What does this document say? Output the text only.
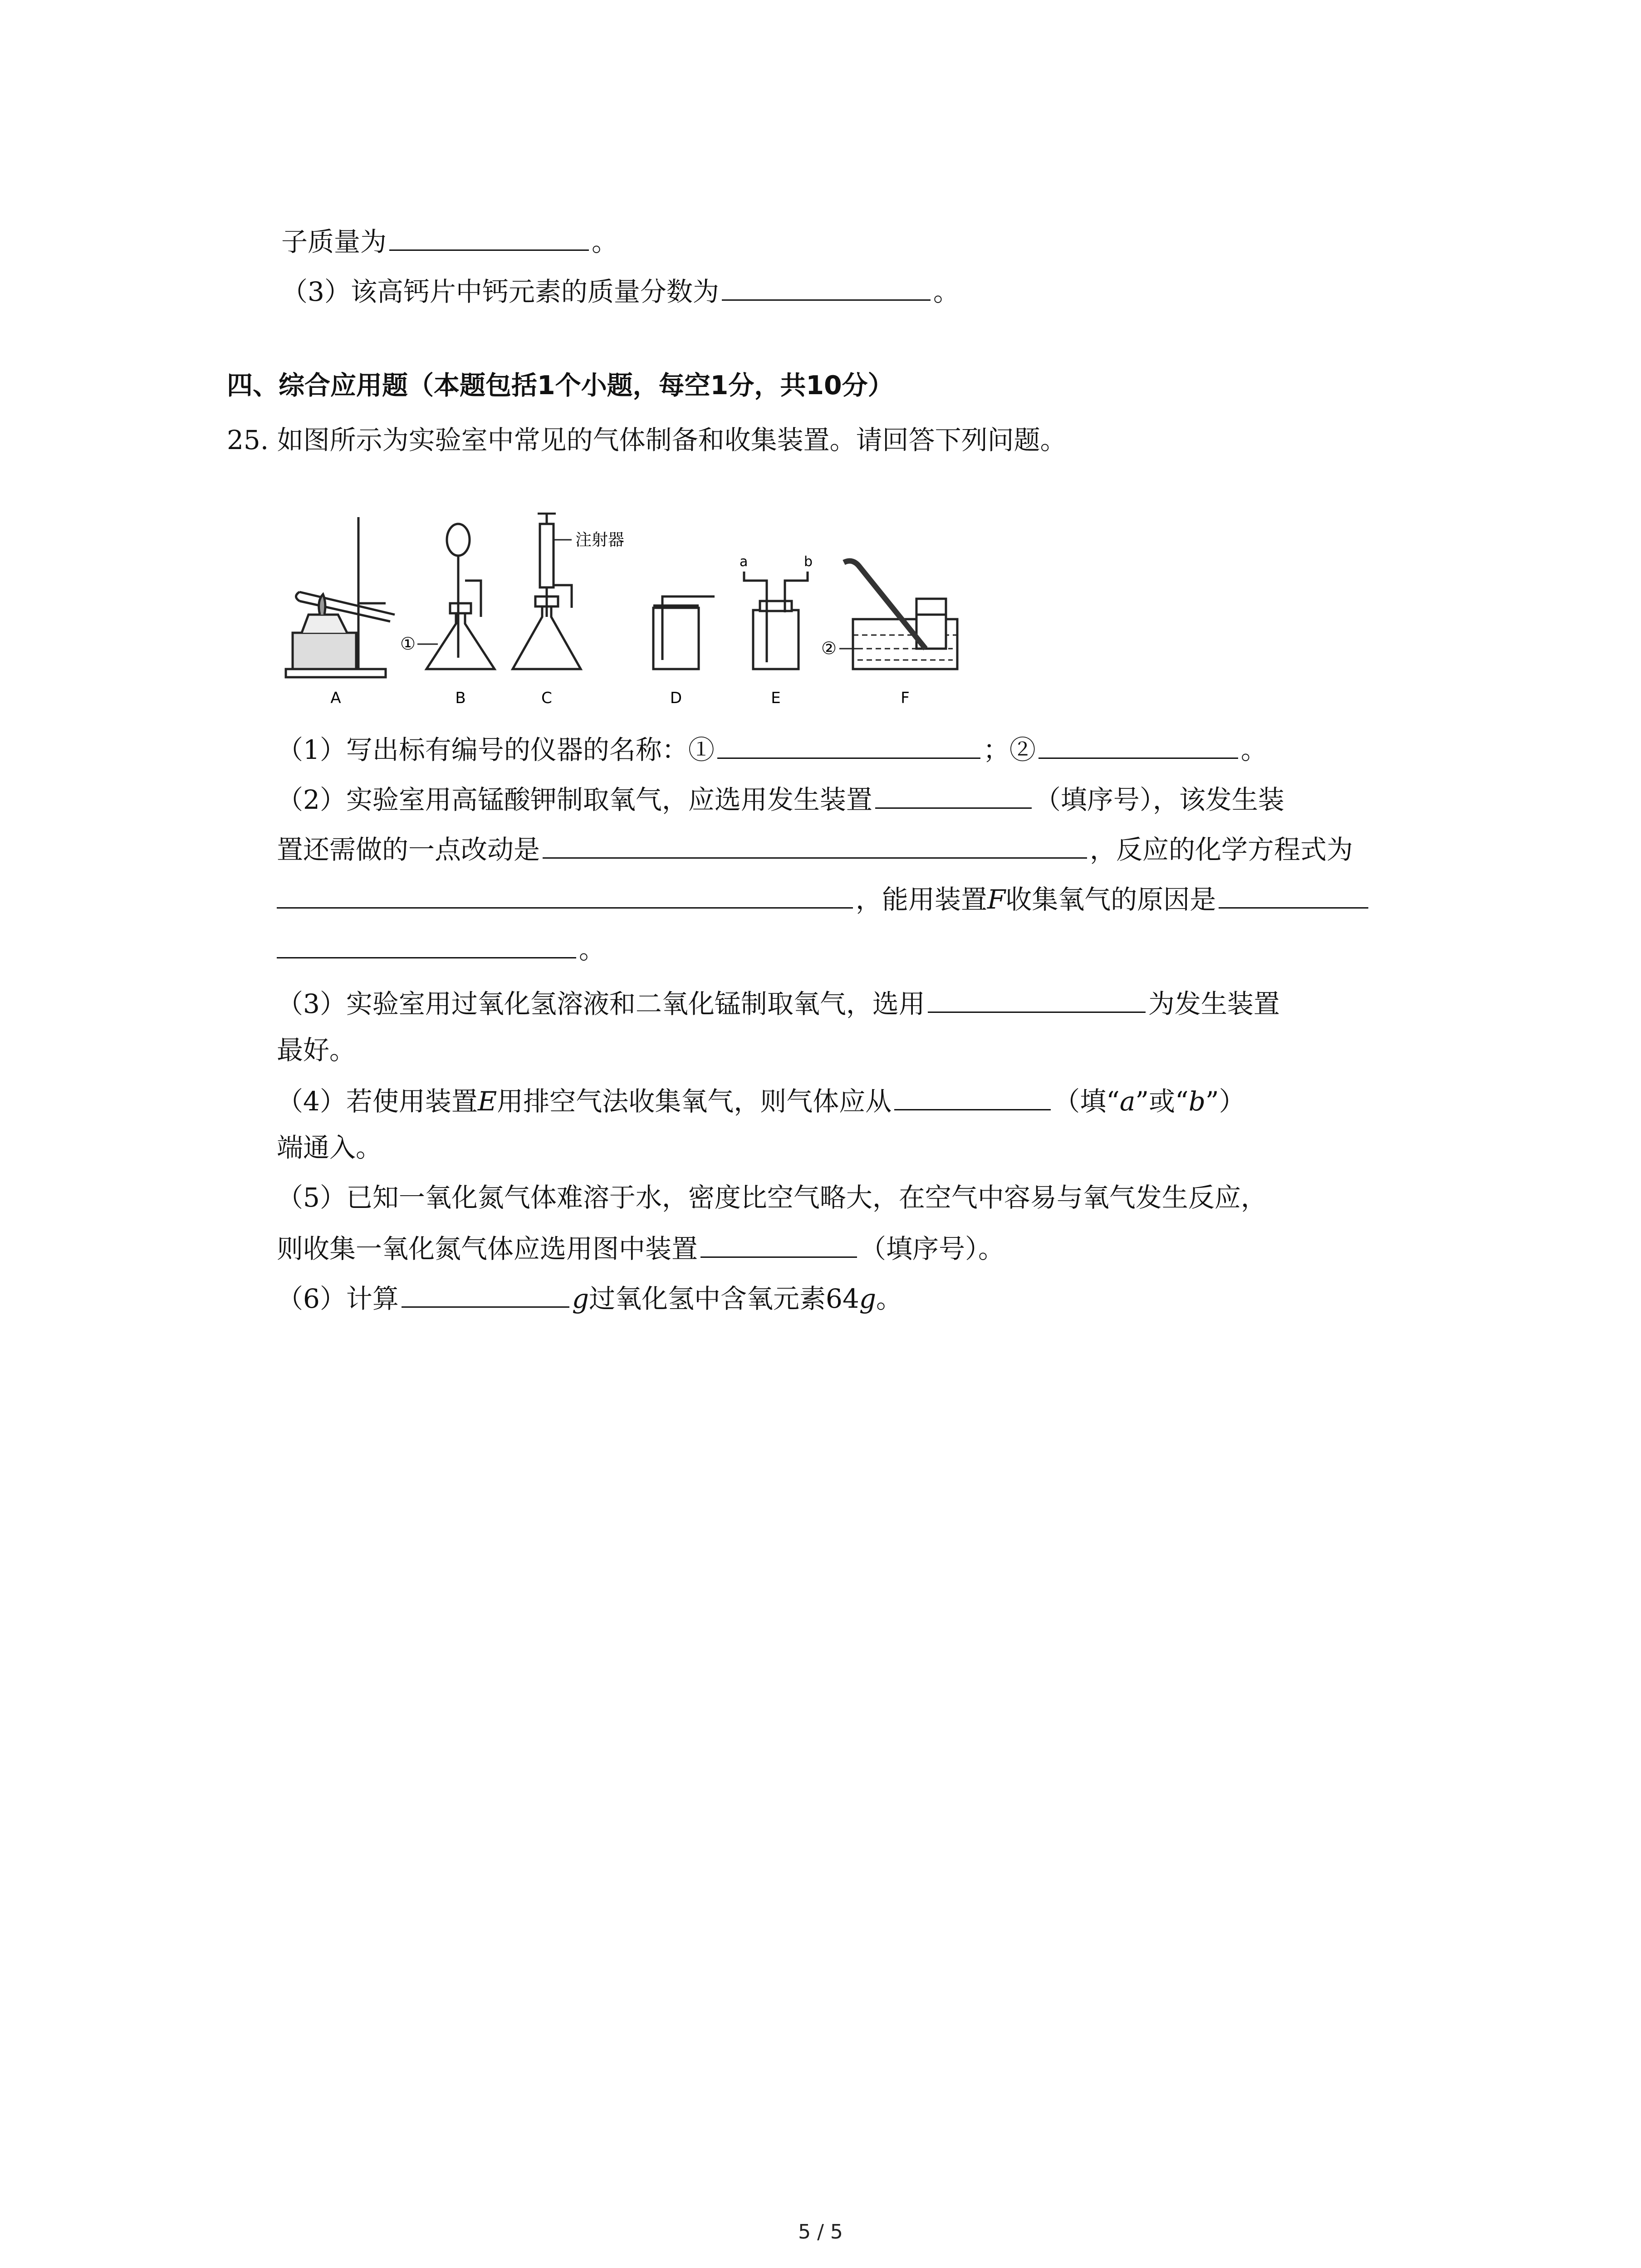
子质量为	。
（3）该高钙片中钙元素的质量分数为	。
四、综合应用题（本题包括1个小题，每空1分，共10分）
25. 如图所示为实验室中常见的气体制备和收集装置。请回答下列问题。
A	B	C	D	E	F
注射器
①	②
a	b
（1）写出标有编号的仪器的名称：①	；②	。
（2）实验室用高锰酸钾制取氧气，应选用发生装置	（填序号），该发生装
置还需做的一点改动是	，反应的化学方程式为
，能用装置F收集氧气的原因是
。
（3）实验室用过氧化氢溶液和二氧化锰制取氧气，选用	为发生装置
最好。
（4）若使用装置E用排空气法收集氧气，则气体应从	（填“a”或“b”）
端通入。
（5）已知一氧化氮气体难溶于水，密度比空气略大，在空气中容易与氧气发生反应，
则收集一氧化氮气体应选用图中装置	（填序号）。
（6）计算	g过氧化氢中含氧元素64g。
5 / 5
